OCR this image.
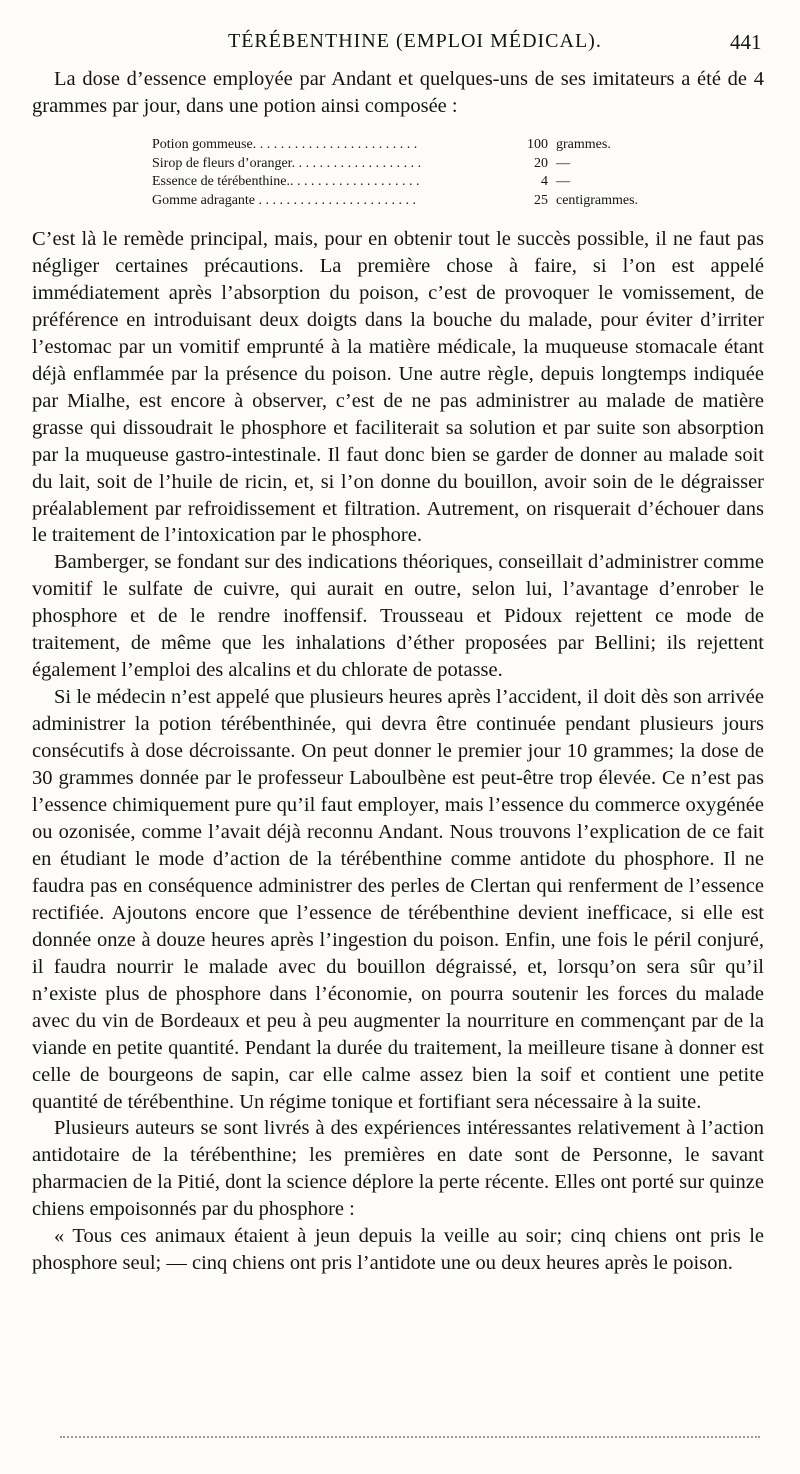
TÉRÉBENTHINE (EMPLOI MÉDICAL).	441

La dose d’essence employée par Andant et quelques-uns de ses imitateurs a été de 4 grammes par jour, dans une potion ainsi composée :

Potion gommeuse. . . . . . . . . . . . . . . . . . . . . . . .	100 grammes.
Sirop de fleurs d’oranger. . . . . . . . . . . . . . . . . . .	20 —
Essence de térébenthine.. . . . . . . . . . . . . . . . . . .	4 —
Gomme adragante . . . . . . . . . . . . . . . . . . . . . . .	25 centigrammes.

C’est là le remède principal, mais, pour en obtenir tout le succès possible, il ne faut pas négliger certaines précautions. La première chose à faire, si l’on est appelé immédiatement après l’absorption du poison, c’est de provoquer le vomissement, de préférence en introduisant deux doigts dans la bouche du malade, pour éviter d’irriter l’estomac par un vomitif emprunté à la matière médicale, la muqueuse stomacale étant déjà enflammée par la présence du poison. Une autre règle, depuis longtemps indiquée par Mialhe, est encore à observer, c’est de ne pas administrer au malade de matière grasse qui dissoudrait le phosphore et faciliterait sa solution et par suite son absorption par la muqueuse gastro-intestinale. Il faut donc bien se garder de donner au malade soit du lait, soit de l’huile de ricin, et, si l’on donne du bouillon, avoir soin de le dégraisser préalablement par refroidissement et filtration. Autrement, on risquerait d’échouer dans le traitement de l’intoxication par le phosphore.

Bamberger, se fondant sur des indications théoriques, conseillait d’administrer comme vomitif le sulfate de cuivre, qui aurait en outre, selon lui, l’avantage d’enrober le phosphore et de le rendre inoffensif. Trousseau et Pidoux rejettent ce mode de traitement, de même que les inhalations d’éther proposées par Bellini; ils rejettent également l’emploi des alcalins et du chlorate de potasse.

Si le médecin n’est appelé que plusieurs heures après l’accident, il doit dès son arrivée administrer la potion térébenthinée, qui devra être continuée pendant plusieurs jours consécutifs à dose décroissante. On peut donner le premier jour 10 grammes; la dose de 30 grammes donnée par le professeur Laboulbène est peut-être trop élevée. Ce n’est pas l’essence chimiquement pure qu’il faut employer, mais l’essence du commerce oxygénée ou ozonisée, comme l’avait déjà reconnu Andant. Nous trouvons l’explication de ce fait en étudiant le mode d’action de la térébenthine comme antidote du phosphore. Il ne faudra pas en conséquence administrer des perles de Clertan qui renferment de l’essence rectifiée. Ajoutons encore que l’essence de térébenthine devient inefficace, si elle est donnée onze à douze heures après l’ingestion du poison. Enfin, une fois le péril conjuré, il faudra nourrir le malade avec du bouillon dégraissé, et, lorsqu’on sera sûr qu’il n’existe plus de phosphore dans l’économie, on pourra soutenir les forces du malade avec du vin de Bordeaux et peu à peu augmenter la nourriture en commençant par de la viande en petite quantité. Pendant la durée du traitement, la meilleure tisane à donner est celle de bourgeons de sapin, car elle calme assez bien la soif et contient une petite quantité de térébenthine. Un régime tonique et fortifiant sera nécessaire à la suite.

Plusieurs auteurs se sont livrés à des expériences intéressantes relativement à l’action antidotaire de la térébenthine; les premières en date sont de Personne, le savant pharmacien de la Pitié, dont la science déplore la perte récente. Elles ont porté sur quinze chiens empoisonnés par du phosphore :

« Tous ces animaux étaient à jeun depuis la veille au soir; cinq chiens ont pris le phosphore seul; — cinq chiens ont pris l’antidote une ou deux heures après le poison.
